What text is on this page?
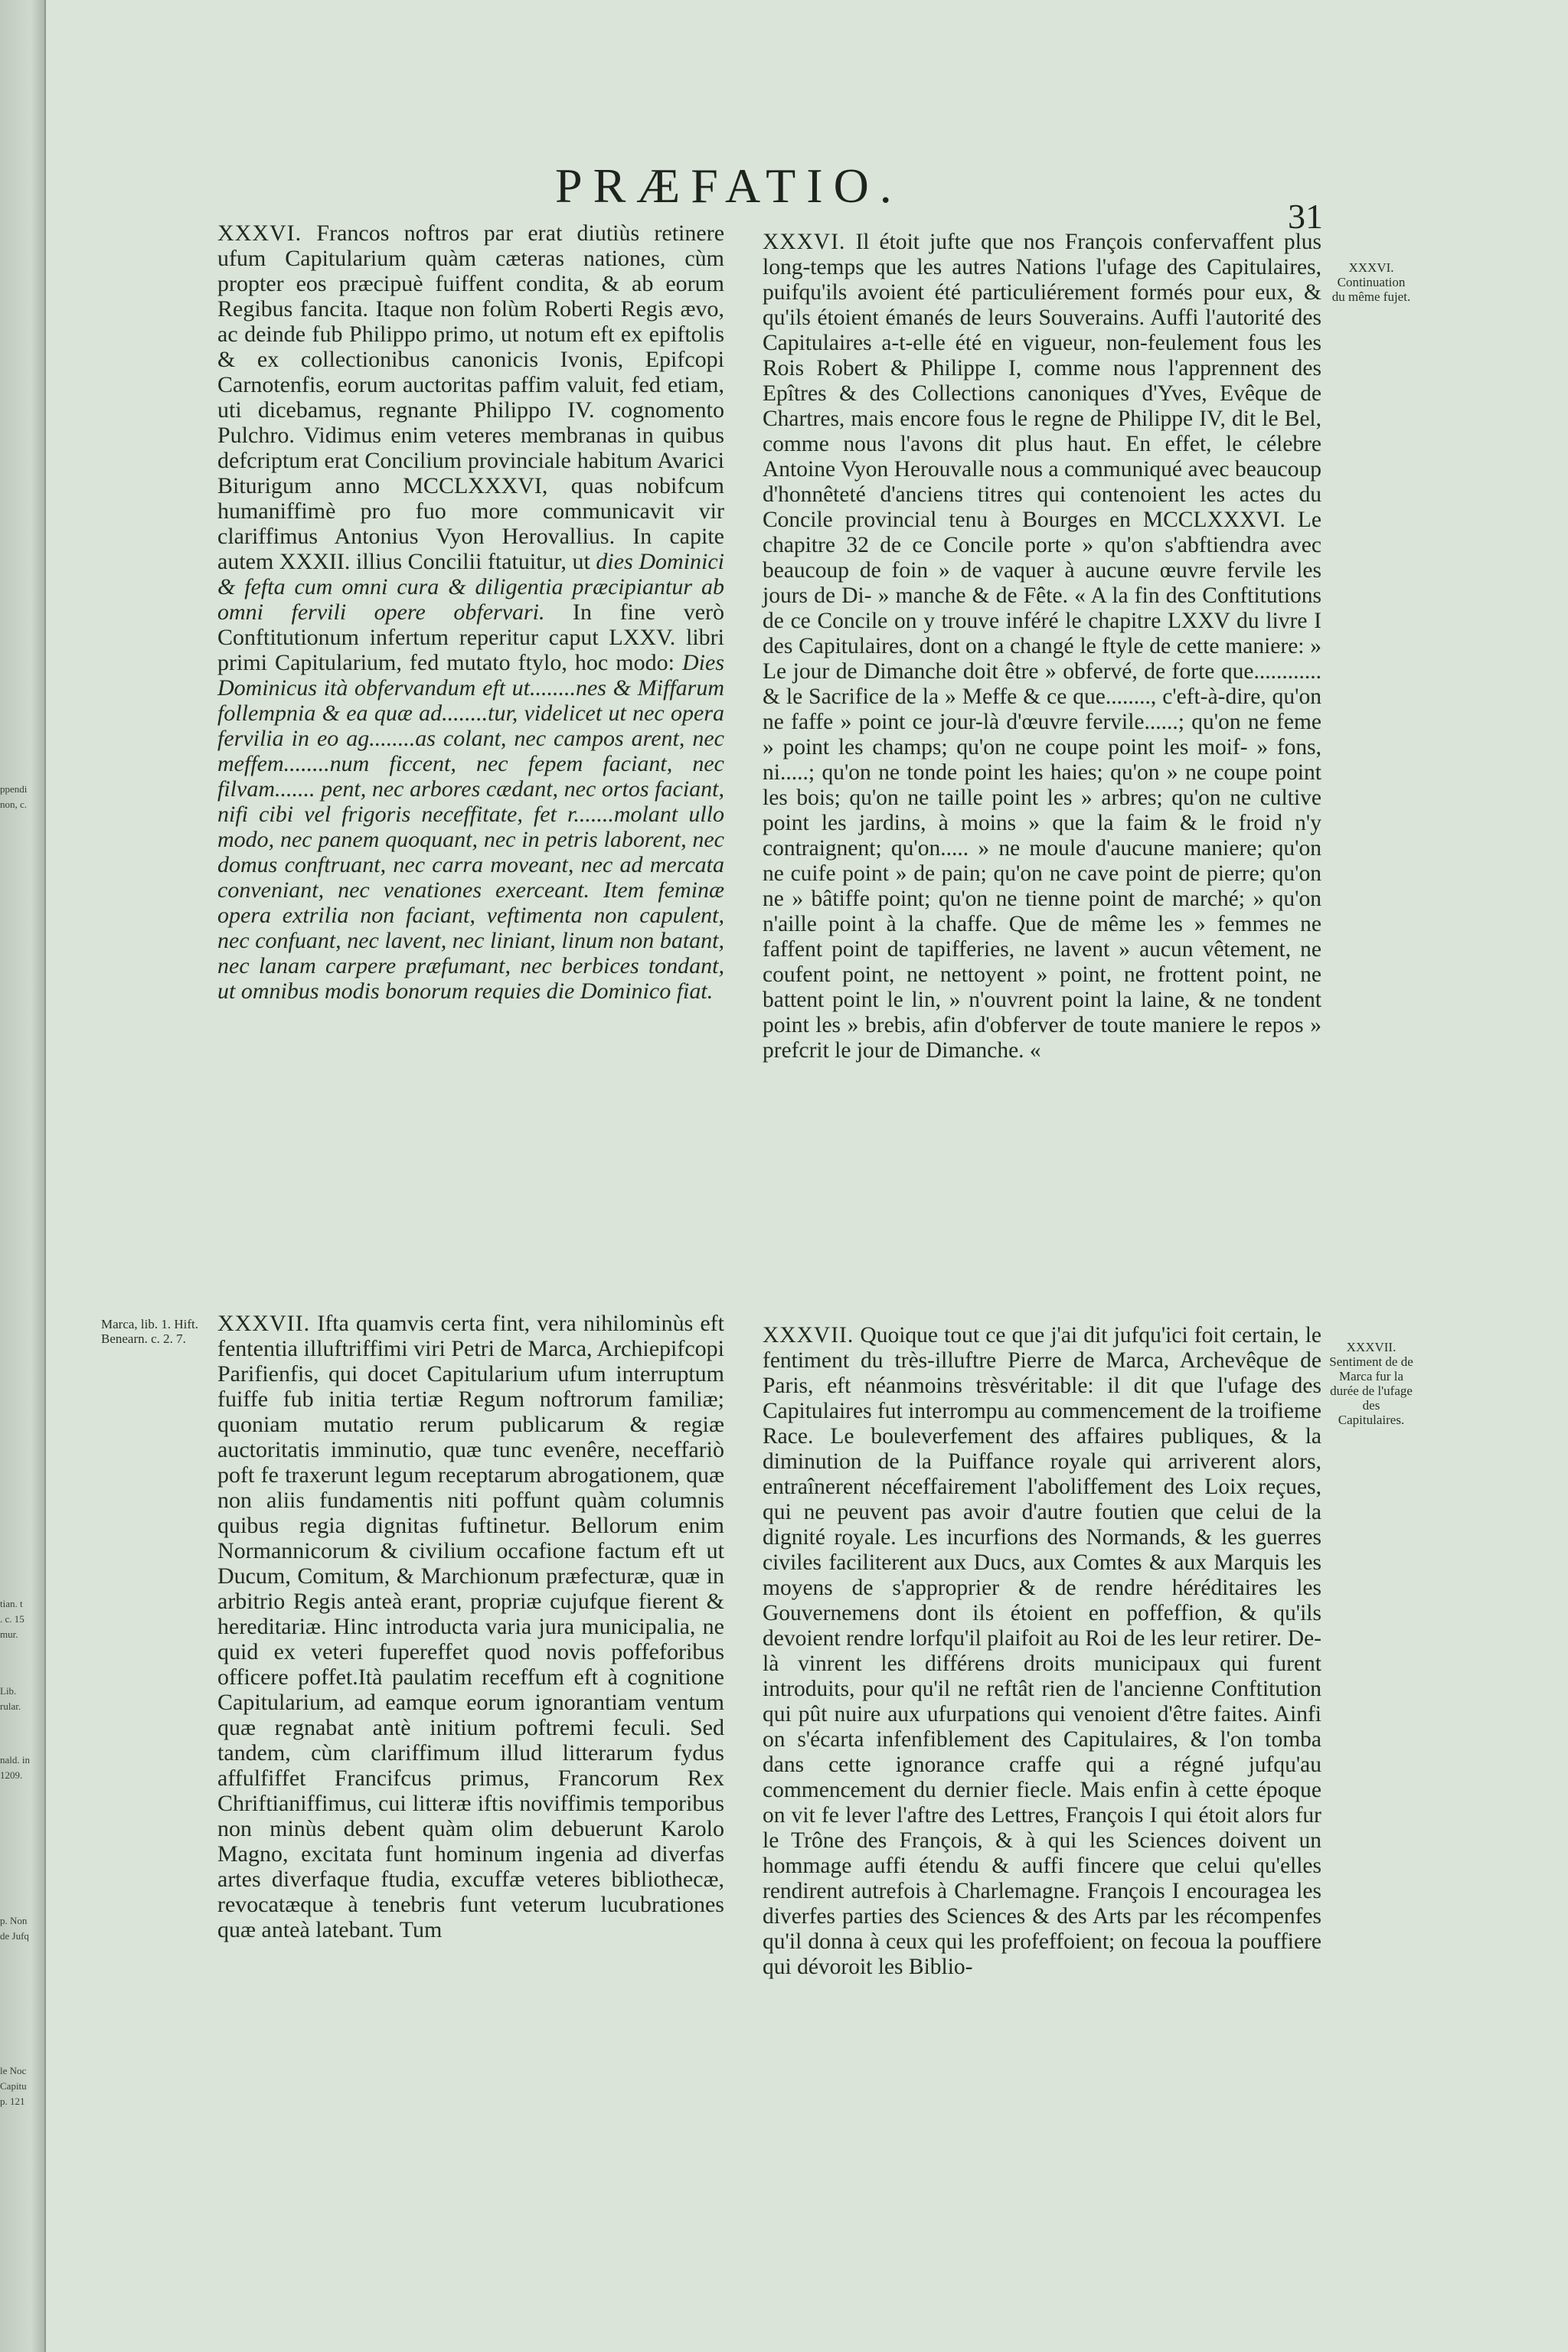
ppendi
non, c.
tian. t
. c. 15
mur.
Lib.
rular.
nald. in
1209.
p. Non
de Jufq
le Noc
Capitu
p. 121
PRÆFATIO.
31
XXXVI. Continuation du même fujet.
XXXVII. Sentiment de de Marca fur la durée de l'ufage des Capitulaires.
Marca, lib. 1. Hift. Benearn. c. 2. 7.

XXXVI. Francos noftros par erat diutiùs retinere ufum Capitularium quàm cæteras nationes, cùm propter eos præcipuè fuiffent condita, & ab eorum Regibus fancita. Itaque non folùm Roberti Regis ævo, ac deinde fub Philippo primo, ut notum eft ex epiftolis & ex collectionibus canonicis Ivonis, Epifcopi Carnotenfis, eorum auctoritas paffim valuit, fed etiam, uti dicebamus, regnante Philippo IV. cognomento Pulchro. Vidimus enim veteres membranas in quibus defcriptum erat Concilium provinciale habitum Avarici Biturigum anno MCCLXXXVI, quas nobifcum humaniffimè pro fuo more communicavit vir clariffimus Antonius Vyon Herovallius. In capite autem XXXII. illius Concilii ftatuitur, ut dies Dominici & fefta cum omni cura & diligentia præcipiantur ab omni fervili opere obfervari. In fine verò Conftitutionum infertum reperitur caput LXXV. libri primi Capitularium, fed mutato ftylo, hoc modo: Dies Dominicus ità obfervandum eft ut........nes & Miffarum follempnia & ea quæ ad........tur, videlicet ut nec opera fervilia in eo ag........as colant, nec campos arent, nec meffem........num ficcent, nec fepem faciant, nec filvam....... pent, nec arbores cædant, nec ortos faciant, nifi cibi vel frigoris neceffitate, fet r.......molant ullo modo, nec panem quoquant, nec in petris laborent, nec domus conftruant, nec carra moveant, nec ad mercata conveniant, nec venationes exerceant. Item feminæ opera extrilia non faciant, veftimenta non capulent, nec confuant, nec lavent, nec liniant, linum non batant, nec lanam carpere præfumant, nec berbices tondant, ut omnibus modis bonorum requies die Dominico fiat.

XXXVI. Il étoit jufte que nos François confervaffent plus long-temps que les autres Nations l'ufage des Capitulaires, puifqu'ils avoient été particuliérement formés pour eux, & qu'ils étoient émanés de leurs Souverains. Auffi l'autorité des Capitulaires a-t-elle été en vigueur, non-feulement fous les Rois Robert & Philippe I, comme nous l'apprennent des Epîtres & des Collections canoniques d'Yves, Evêque de Chartres, mais encore fous le regne de Philippe IV, dit le Bel, comme nous l'avons dit plus haut. En effet, le célebre Antoine Vyon Herouvalle nous a communiqué avec beaucoup d'honnêteté d'anciens titres qui contenoient les actes du Concile provincial tenu à Bourges en MCCLXXXVI. Le chapitre 32 de ce Concile porte » qu'on s'abftiendra avec beaucoup de foin » de vaquer à aucune œuvre fervile les jours de Di- » manche & de Fête. « A la fin des Conftitutions de ce Concile on y trouve inféré le chapitre LXXV du livre I des Capitulaires, dont on a changé le ftyle de cette maniere: » Le jour de Dimanche doit être » obfervé, de forte que............ & le Sacrifice de la » Meffe & ce que........, c'eft-à-dire, qu'on ne faffe » point ce jour-là d'œuvre fervile......; qu'on ne feme » point les champs; qu'on ne coupe point les moif- » fons, ni.....; qu'on ne tonde point les haies; qu'on » ne coupe point les bois; qu'on ne taille point les » arbres; qu'on ne cultive point les jardins, à moins » que la faim & le froid n'y contraignent; qu'on..... » ne moule d'aucune maniere; qu'on ne cuife point » de pain; qu'on ne cave point de pierre; qu'on ne » bâtiffe point; qu'on ne tienne point de marché; » qu'on n'aille point à la chaffe. Que de même les » femmes ne faffent point de tapifferies, ne lavent » aucun vêtement, ne coufent point, ne nettoyent » point, ne frottent point, ne battent point le lin, » n'ouvrent point la laine, & ne tondent point les » brebis, afin d'obferver de toute maniere le repos » prefcrit le jour de Dimanche. «

XXXVII. Ifta quamvis certa fint, vera nihilominùs eft fententia illuftriffimi viri Petri de Marca, Archiepifcopi Parifienfis, qui docet Capitularium ufum interruptum fuiffe fub initia tertiæ Regum noftrorum familiæ; quoniam mutatio rerum publicarum & regiæ auctoritatis imminutio, quæ tunc evenêre, neceffariò poft fe traxerunt legum receptarum abrogationem, quæ non aliis fundamentis niti poffunt quàm columnis quibus regia dignitas fuftinetur. Bellorum enim Normannicorum & civilium occafione factum eft ut Ducum, Comitum, & Marchionum præfecturæ, quæ in arbitrio Regis anteà erant, propriæ cujufque fierent & hereditariæ. Hinc introducta varia jura municipalia, ne quid ex veteri fupereffet quod novis poffeforibus officere poffet.Ità paulatim receffum eft à cognitione Capitularium, ad eamque eorum ignorantiam ventum quæ regnabat antè initium poftremi feculi. Sed tandem, cùm clariffimum illud litterarum fydus affulfiffet Francifcus primus, Francorum Rex Chriftianiffimus, cui litteræ iftis noviffimis temporibus non minùs debent quàm olim debuerunt Karolo Magno, excitata funt hominum ingenia ad diverfas artes diverfaque ftudia, excuffæ veteres bibliothecæ, revocatæque à tenebris funt veterum lucubrationes quæ anteà latebant. Tum

XXXVII. Quoique tout ce que j'ai dit jufqu'ici foit certain, le fentiment du très-illuftre Pierre de Marca, Archevêque de Paris, eft néanmoins trèsvéritable: il dit que l'ufage des Capitulaires fut interrompu au commencement de la troifieme Race. Le bouleverfement des affaires publiques, & la diminution de la Puiffance royale qui arriverent alors, entraînerent néceffairement l'aboliffement des Loix reçues, qui ne peuvent pas avoir d'autre foutien que celui de la dignité royale. Les incurfions des Normands, & les guerres civiles faciliterent aux Ducs, aux Comtes & aux Marquis les moyens de s'approprier & de rendre héréditaires les Gouvernemens dont ils étoient en poffeffion, & qu'ils devoient rendre lorfqu'il plaifoit au Roi de les leur retirer. De-là vinrent les différens droits municipaux qui furent introduits, pour qu'il ne reftât rien de l'ancienne Conftitution qui pût nuire aux ufurpations qui venoient d'être faites. Ainfi on s'écarta infenfiblement des Capitulaires, & l'on tomba dans cette ignorance craffe qui a régné jufqu'au commencement du dernier fiecle. Mais enfin à cette époque on vit fe lever l'aftre des Lettres, François I qui étoit alors fur le Trône des François, & à qui les Sciences doivent un hommage auffi étendu & auffi fincere que celui qu'elles rendirent autrefois à Charlemagne. François I encouragea les diverfes parties des Sciences & des Arts par les récompenfes qu'il donna à ceux qui les profeffoient; on fecoua la pouffiere qui dévoroit les Biblio-
